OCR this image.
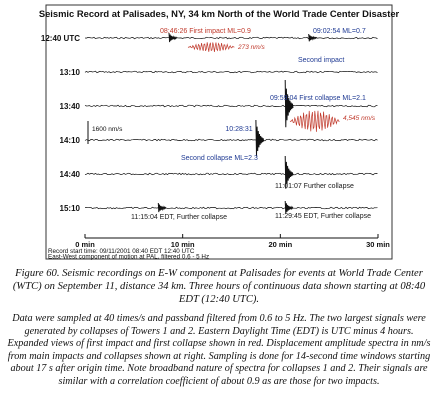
Seismic Record at Palisades, NY, 34 km North of the World Trade Center Disaster
12:40 UTC
13:10
13:40
14:10
14:40
15:10
08:46:26 First impact ML=0.9	09:02:54 ML=0.7
Second impact
09:59:04 First collapse ML=2.1
10:28:31
Second collapse ML=2.3
11:01:07 Further collapse
11:15:04 EDT, Further collapse	11:29:45 EDT, Further collapse
273 nm/s
4,545 nm/s
1600 nm/s
0 min	10 min	20 min	30 min
Record start time: 09/11/2001 08:40 EDT 12:40 UTC
East-West component of motion at PAL, filtered 0.6 - 5 Hz

Figure 60. Seismic recordings on E-W component at Palisades for events at World Trade Center (WTC) on September 11, distance 34 km. Three hours of continuous data shown starting at 08:40 EDT (12:40 UTC).

Data were sampled at 40 times/s and passband filtered from 0.6 to 5 Hz. The two largest signals were generated by collapses of Towers 1 and 2. Eastern Daylight Time (EDT) is UTC minus 4 hours. Expanded views of first impact and first collapse shown in red. Displacement amplitude spectra in nm/s from main impacts and collapses shown at right. Sampling is done for 14-second time windows starting about 17 s after origin time. Note broadband nature of spectra for collapses 1 and 2. Their signals are similar with a correlation coefficient of about 0.9 as are those for two impacts.
